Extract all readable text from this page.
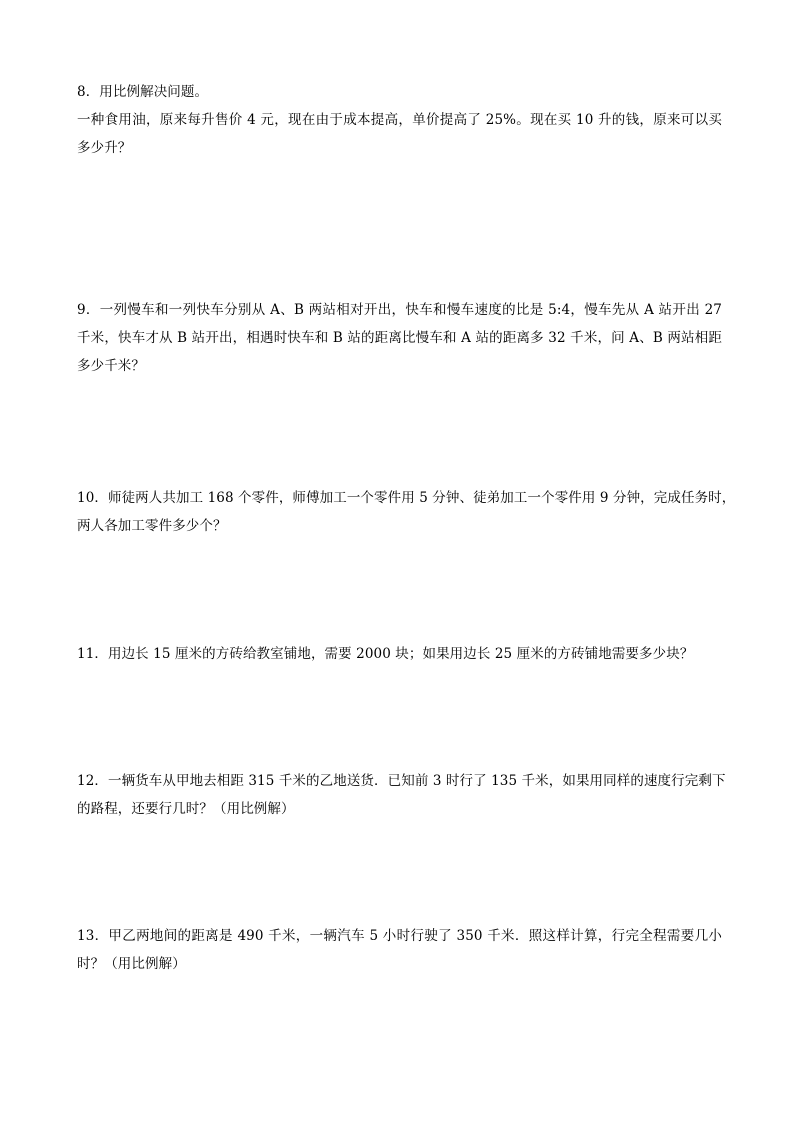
8．用比例解决问题。
一种食用油，原来每升售价 4 元，现在由于成本提高，单价提高了 25%。现在买 10 升的钱，原来可以买
多少升？
9．一列慢车和一列快车分别从 A、B 两站相对开出，快车和慢车速度的比是 5:4，慢车先从 A 站开出 27
千米，快车才从 B 站开出，相遇时快车和 B 站的距离比慢车和 A 站的距离多 32 千米，问 A、B 两站相距
多少千米？
10．师徒两人共加工 168 个零件，师傅加工一个零件用 5 分钟、徒弟加工一个零件用 9 分钟，完成任务时，
两人各加工零件多少个？
11．用边长 15 厘米的方砖给教室铺地，需要 2000 块；如果用边长 25 厘米的方砖铺地需要多少块？
12．一辆货车从甲地去相距 315 千米的乙地送货．已知前 3 时行了 135 千米，如果用同样的速度行完剩下
的路程，还要行几时？（用比例解）
13．甲乙两地间的距离是 490 千米，一辆汽车 5 小时行驶了 350 千米．照这样计算，行完全程需要几小
时？（用比例解）
